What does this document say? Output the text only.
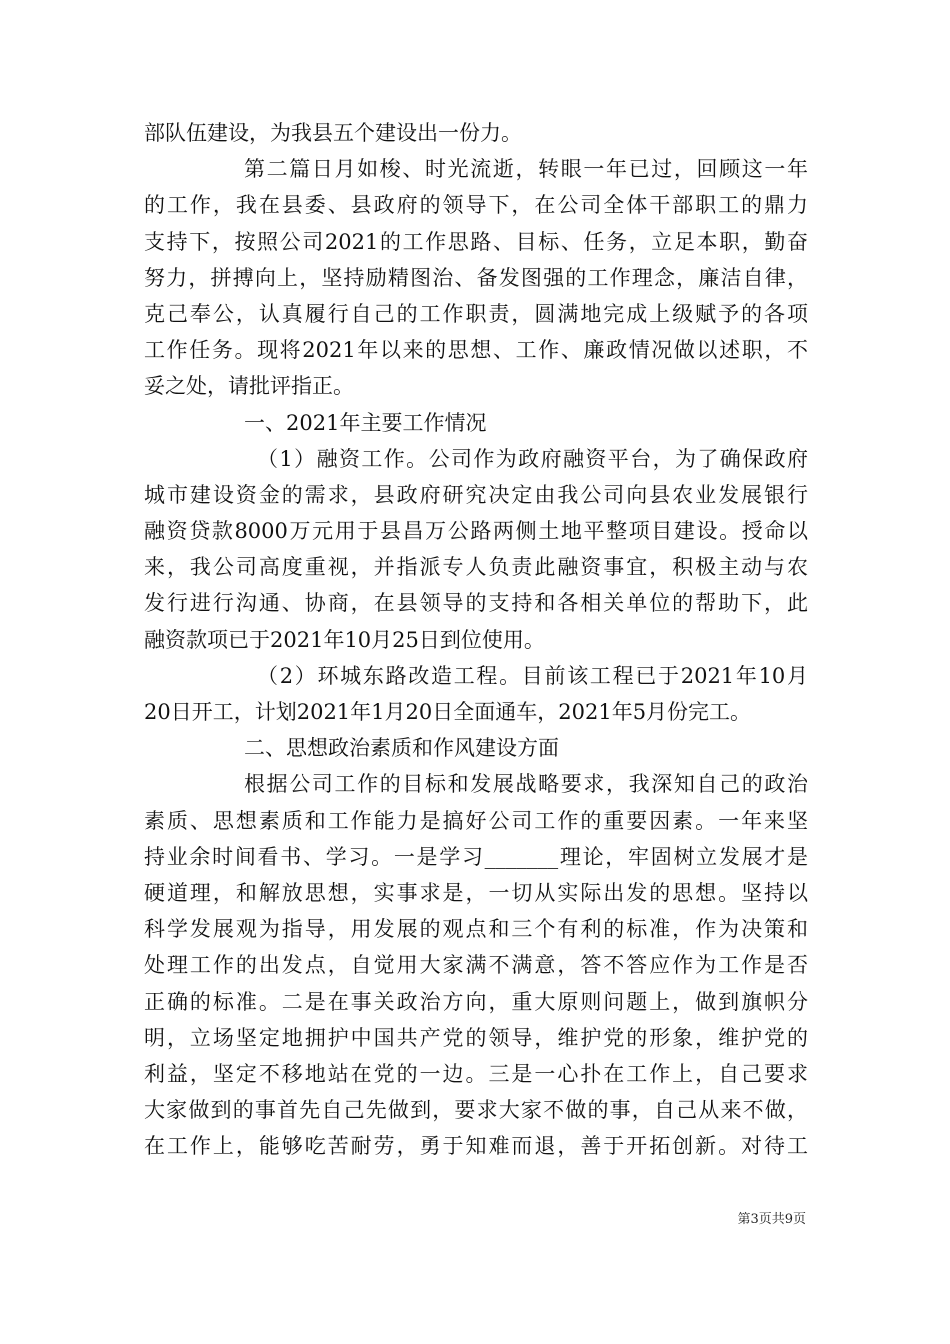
部队伍建设，为我县五个建设出一份力。
第二篇日月如梭、时光流逝，转眼一年已过，回顾这一年
的工作，我在县委、县政府的领导下，在公司全体干部职工的鼎力
支持下，按照公司2021的工作思路、目标、任务，立足本职，勤奋
努力，拼搏向上，坚持励精图治、备发图强的工作理念，廉洁自律，
克己奉公，认真履行自己的工作职责，圆满地完成上级赋予的各项
工作任务。现将2021年以来的思想、工作、廉政情况做以述职，不
妥之处，请批评指正。
一、2021年主要工作情况
（1）融资工作。公司作为政府融资平台，为了确保政府
城市建设资金的需求，县政府研究决定由我公司向县农业发展银行
融资贷款8000万元用于县昌万公路两侧土地平整项目建设。授命以
来，我公司高度重视，并指派专人负责此融资事宜，积极主动与农
发行进行沟通、协商，在县领导的支持和各相关单位的帮助下，此
融资款项已于2021年10月25日到位使用。
（2）环城东路改造工程。目前该工程已于2021年10月
20日开工，计划2021年1月20日全面通车，2021年5月份完工。
二、思想政治素质和作风建设方面
根据公司工作的目标和发展战略要求，我深知自己的政治
素质、思想素质和工作能力是搞好公司工作的重要因素。一年来坚
持业余时间看书、学习。一是学习_______理论，牢固树立发展才是
硬道理，和解放思想，实事求是，一切从实际出发的思想。坚持以
科学发展观为指导，用发展的观点和三个有利的标准，作为决策和
处理工作的出发点，自觉用大家满不满意，答不答应作为工作是否
正确的标准。二是在事关政治方向，重大原则问题上，做到旗帜分
明，立场坚定地拥护中国共产党的领导，维护党的形象，维护党的
利益，坚定不移地站在党的一边。三是一心扑在工作上，自己要求
大家做到的事首先自己先做到，要求大家不做的事，自己从来不做，
在工作上，能够吃苦耐劳，勇于知难而退，善于开拓创新。对待工
第3页共9页
